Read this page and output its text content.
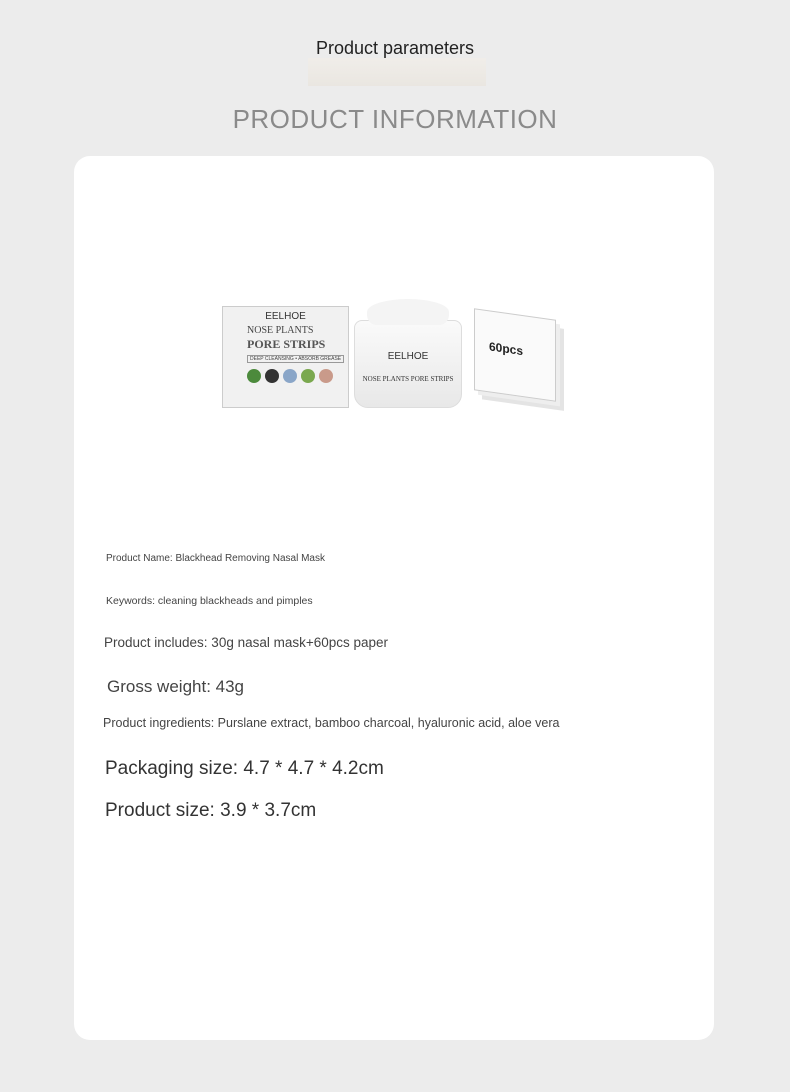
Product parameters
PRODUCT INFORMATION
EELHOE
NOSE PLANTS
PORE STRIPS
DEEP CLEANSING • ABSORB GREASE	EELHOE
NOSE PLANTS PORE STRIPS
60pcs
Product Name: Blackhead Removing Nasal Mask
Keywords: cleaning blackheads and pimples
Product includes: 30g nasal mask+60pcs paper
Gross weight: 43g
Product ingredients: Purslane extract, bamboo charcoal, hyaluronic acid, aloe vera
Packaging size: 4.7 * 4.7 * 4.2cm
Product size: 3.9 * 3.7cm
